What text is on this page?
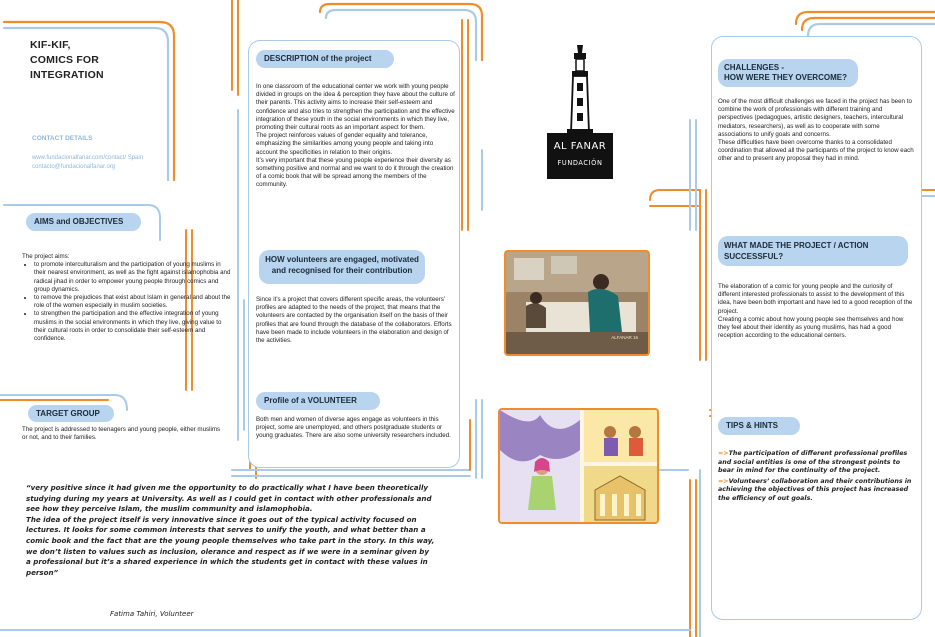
KIF-KIF,
COMICS FOR
INTEGRATION
CONTACT DETAILS
www.fundacionalfanar.com/contact/ Spain
contacto@fundacionalfanar.org
AIMS and OBJECTIVES
The project aims:
• to promote interculturalism and the participation of young muslims in their nearest environment, as well as the fight against islamophobia and radical jihad in order to empower young people through comics and group dynamics.
• to remove the prejudices that exist about Islam in general and about the role of the women especially in muslim societies.
• to strengthen the participation and the effective integration of young muslims in the social environments in which they live, giving value to their cultural roots in order to consolidate their self-esteem and confidence.
TARGET GROUP
The project is addressed to teenagers and young people, either muslims or not, and to their families.
DESCRIPTION of the project
In one classroom of the educational center we work with young people divided in groups on the idea & perception they have about the culture of their parents. This activity aims to increase their self-esteem and confidence and also tries to strengthen the participation and the effective integration of these youth in the social environments in which they live, promoting their cultural roots as an important aspect for them.
The project reinforces values of gender equality and tolerance, emphasizing the similarities among young people and taking into account the specificities in relation to their origins.
It’s very important that these young people experience their diversity as something positive and normal and we want to do it through the creation of a comic book that will be spread among the members of the community.
HOW volunteers are engaged, motivated and recognised for their contribution
Since it’s a project that covers different specific areas, the volunteers’ profiles are adapted to the needs of the project, that means that the volunteers are contacted by the organisation itself on the basis of their profiles that are found through the database of the collaborators. Efforts have been made to include volunteers in the elaboration and design of the activities.
Profile of a VOLUNTEER
Both men and women of diverse ages engage as volunteers in this project, some are unemployed, and others postgraduate students or young graduates. There are also some university researchers included.
AL FANAR
FUNDACIÓN
ALFANAR 16
CHALLENGES -
HOW WERE THEY OVERCOME?
One of the most difficult challenges we faced in the project has been to combine the work of professionals with different training and perspectives (pedagogues, artistic designers, teachers, intercultural mediators, researchers), as well as to cooperate with some associations to unify goals and concerns.
These difficulties have been overcome thanks to a consolidated coordination that allowed all the participants of the project to know each other and to present any proposal they had in mind.
WHAT MADE THE PROJECT / ACTION
SUCCESSFUL?
The elaboration of a comic for young people and the curiosity of different interested professionals to assist to the development of this idea, have been both important and have led to a good reception of the project.
Creating a comic about how young people see themselves and how they feel about their identity as young muslims, has had a good reception according to the educational centers.
TIPS & HINTS

=>The participation of different professional profiles and social entities is one of the strongest points to bear in mind for the continuity of the project.

=>Volunteers’ collaboration and their contributions in achieving the objectives of this project has increased the efficiency of out goals.

“very positive since it had given me the opportunity to do practically what I have been theoretically studying during my years at University. As well as I could get in contact with other professionals and see how they perceive Islam, the muslim community and islamophobia.

The idea of the project itself is very innovative since it goes out of the typical activity focused on lectures. It looks for some common interests that serves to unify the youth, and what better than a comic book and the fact that are the young people themselves who take part in the story. In this way, we don’t listen to values such as inclusion, olerance and respect as if we were in a seminar given by a professional but it’s a shared experience in which the students get in contact with these values in person”

Fatima Tahiri, Volunteer
